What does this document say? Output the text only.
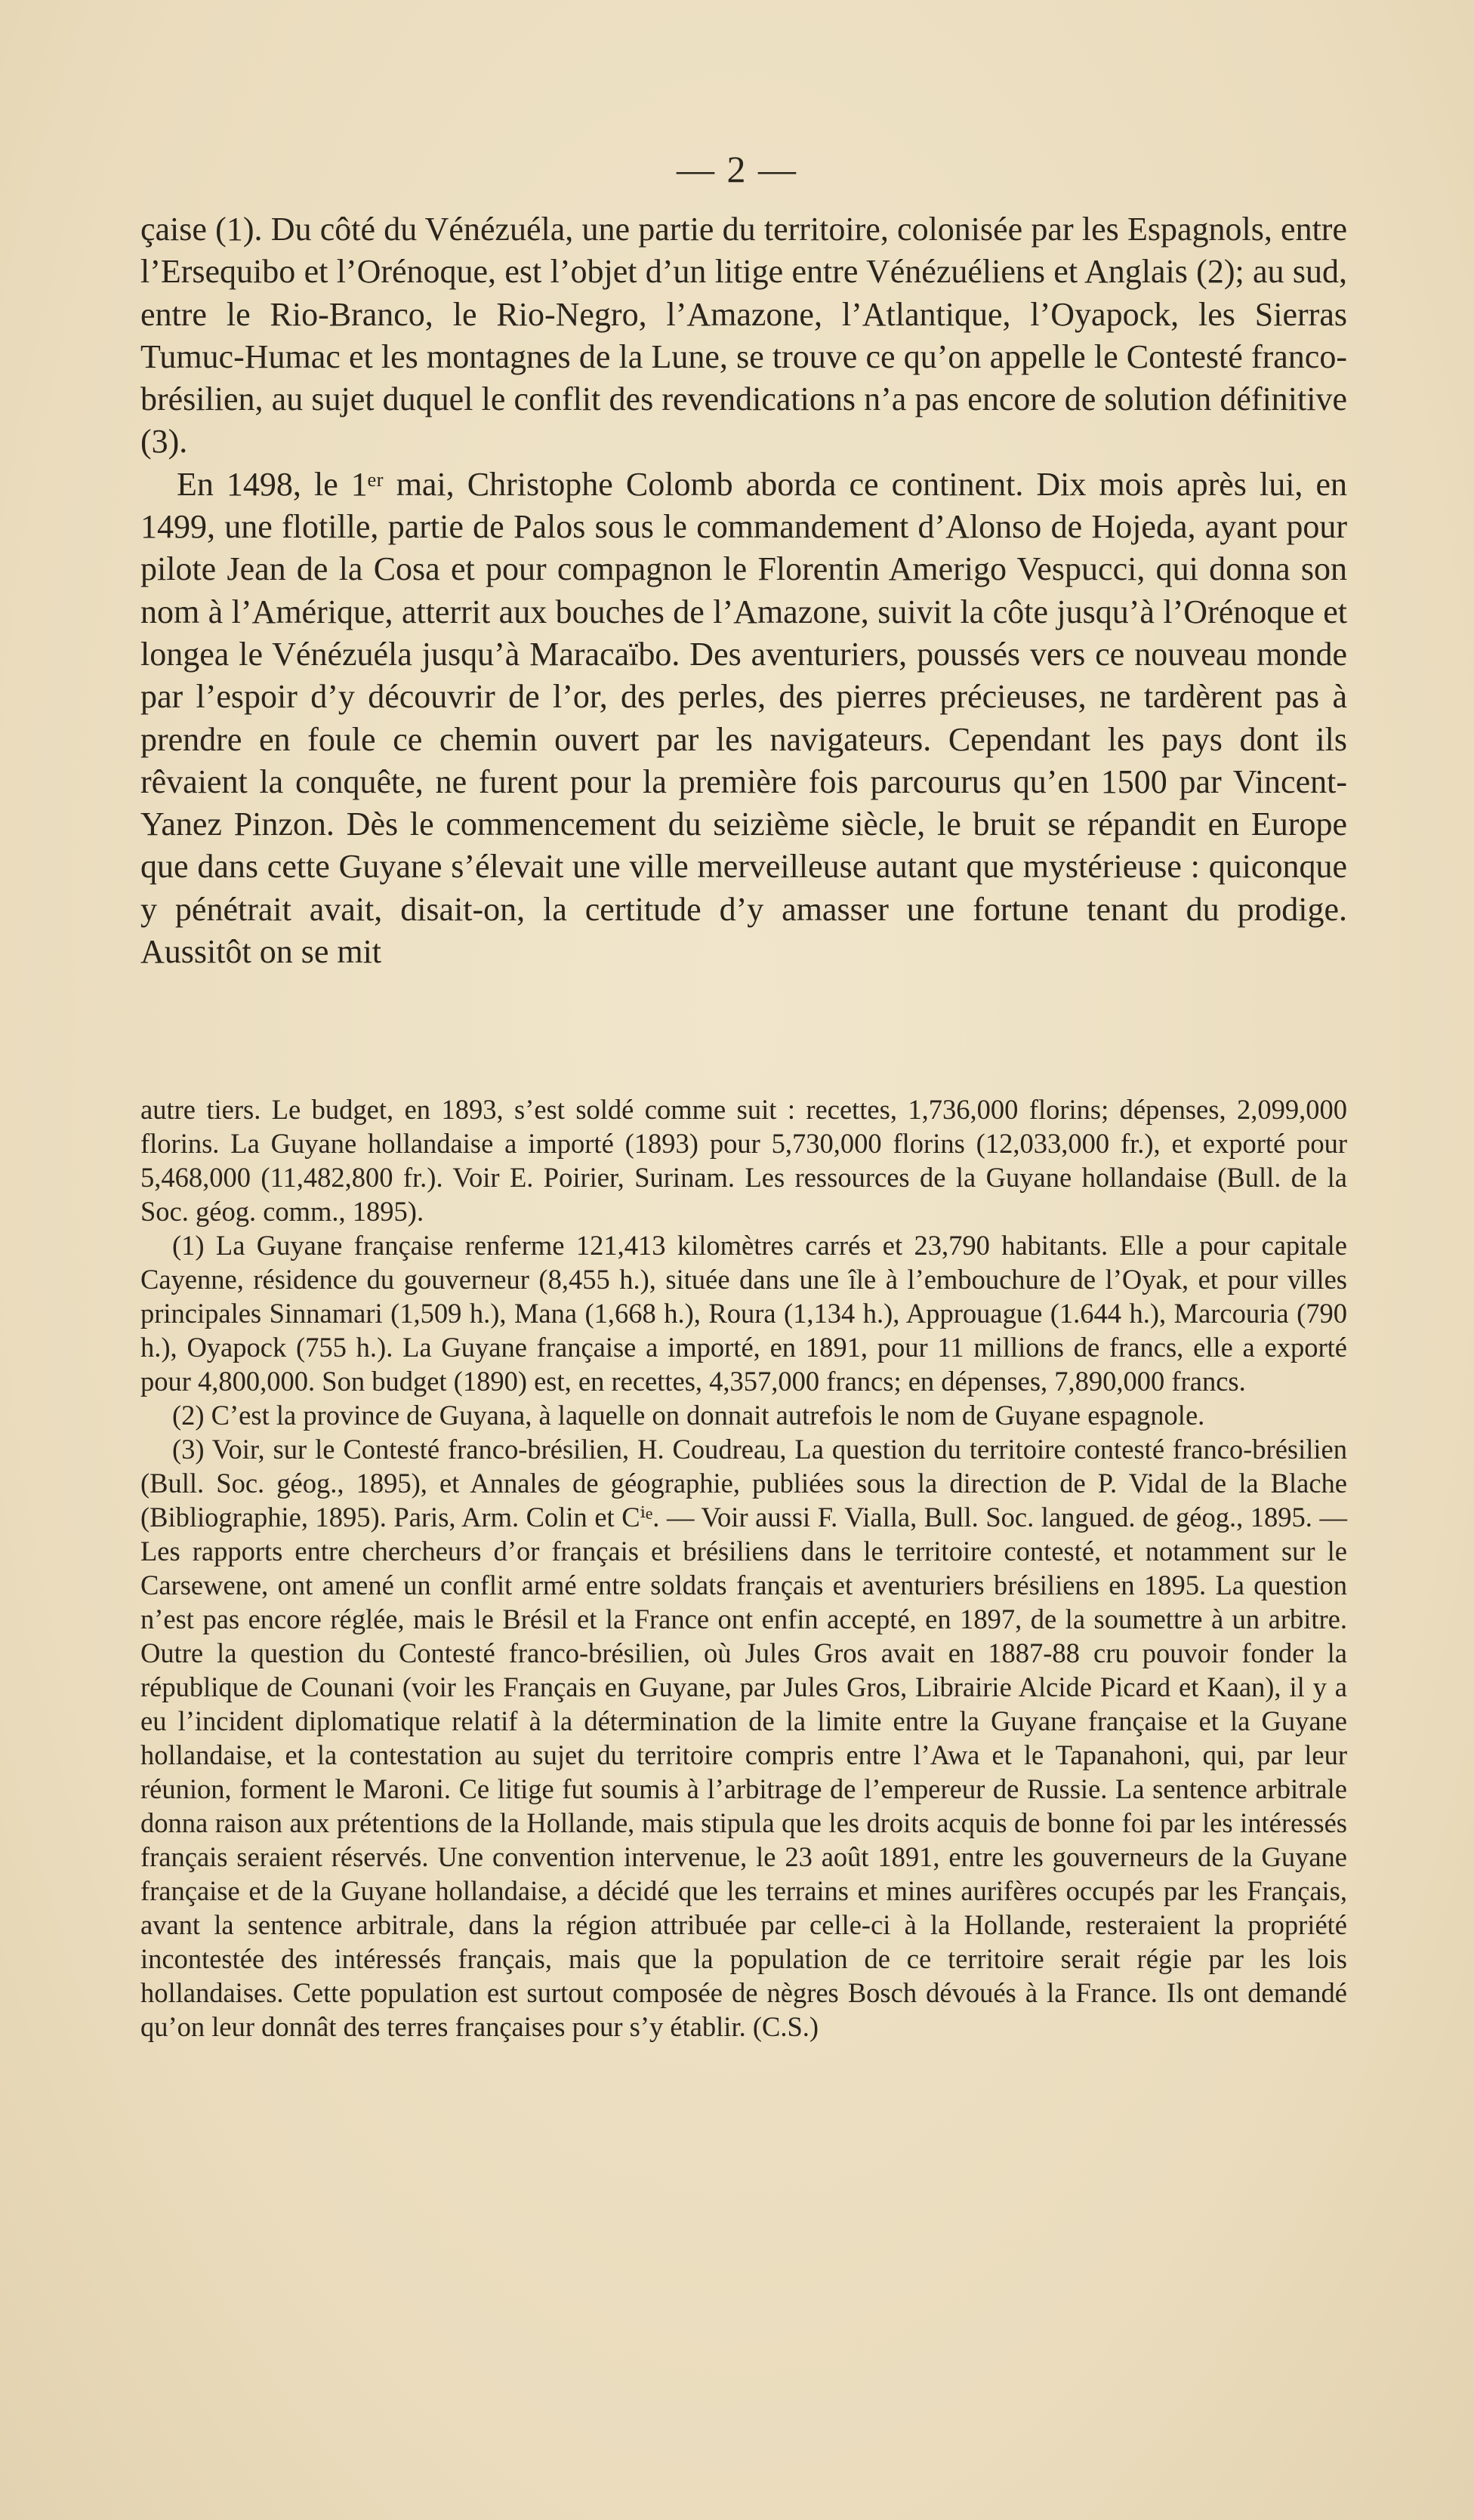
— 2 —

çaise (1). Du côté du Vénézuéla, une partie du territoire, colonisée par les Espagnols, entre l’Ersequibo et l’Orénoque, est l’objet d’un litige entre Vénézuéliens et Anglais (2); au sud, entre le Rio-Branco, le Rio-Negro, l’Amazone, l’Atlantique, l’Oyapock, les Sierras Tumuc-Humac et les montagnes de la Lune, se trouve ce qu’on appelle le Contesté franco-brésilien, au sujet duquel le conflit des revendications n’a pas encore de solution définitive (3).

En 1498, le 1ᵉʳ mai, Christophe Colomb aborda ce continent. Dix mois après lui, en 1499, une flotille, partie de Palos sous le commandement d’Alonso de Hojeda, ayant pour pilote Jean de la Cosa et pour compagnon le Florentin Amerigo Vespucci, qui donna son nom à l’Amérique, atterrit aux bouches de l’Amazone, suivit la côte jusqu’à l’Orénoque et longea le Vénézuéla jusqu’à Maracaïbo. Des aventuriers, poussés vers ce nouveau monde par l’espoir d’y découvrir de l’or, des perles, des pierres précieuses, ne tardèrent pas à prendre en foule ce chemin ouvert par les navigateurs. Cependant les pays dont ils rêvaient la conquête, ne furent pour la première fois parcourus qu’en 1500 par Vincent-Yanez Pinzon. Dès le commencement du seizième siècle, le bruit se répandit en Europe que dans cette Guyane s’élevait une ville merveilleuse autant que mystérieuse : quiconque y pénétrait avait, disait-on, la certitude d’y amasser une fortune tenant du prodige. Aussitôt on se mit

autre tiers. Le budget, en 1893, s’est soldé comme suit : recettes, 1,736,000 florins; dépenses, 2,099,000 florins. La Guyane hollandaise a importé (1893) pour 5,730,000 florins (12,033,000 fr.), et exporté pour 5,468,000 (11,482,800 fr.). Voir E. Poirier, Surinam. Les ressources de la Guyane hollandaise (Bull. de la Soc. géog. comm., 1895).

(1) La Guyane française renferme 121,413 kilomètres carrés et 23,790 habitants. Elle a pour capitale Cayenne, résidence du gouverneur (8,455 h.), située dans une île à l’embouchure de l’Oyak, et pour villes principales Sinnamari (1,509 h.), Mana (1,668 h.), Roura (1,134 h.), Approuague (1.644 h.), Marcouria (790 h.), Oyapock (755 h.). La Guyane française a importé, en 1891, pour 11 millions de francs, elle a exporté pour 4,800,000. Son budget (1890) est, en recettes, 4,357,000 francs; en dépenses, 7,890,000 francs.

(2) C’est la province de Guyana, à laquelle on donnait autrefois le nom de Guyane espagnole.

(3) Voir, sur le Contesté franco-brésilien, H. Coudreau, La question du territoire contesté franco-brésilien (Bull. Soc. géog., 1895), et Annales de géographie, publiées sous la direction de P. Vidal de la Blache (Bibliographie, 1895). Paris, Arm. Colin et Cⁱᵉ. — Voir aussi F. Vialla, Bull. Soc. langued. de géog., 1895. — Les rapports entre chercheurs d’or français et brésiliens dans le territoire contesté, et notamment sur le Carsewene, ont amené un conflit armé entre soldats français et aventuriers brésiliens en 1895. La question n’est pas encore réglée, mais le Brésil et la France ont enfin accepté, en 1897, de la soumettre à un arbitre. Outre la question du Contesté franco-brésilien, où Jules Gros avait en 1887-88 cru pouvoir fonder la république de Counani (voir les Français en Guyane, par Jules Gros, Librairie Alcide Picard et Kaan), il y a eu l’incident diplomatique relatif à la détermination de la limite entre la Guyane française et la Guyane hollandaise, et la contestation au sujet du territoire compris entre l’Awa et le Tapanahoni, qui, par leur réunion, forment le Maroni. Ce litige fut soumis à l’arbitrage de l’empereur de Russie. La sentence arbitrale donna raison aux prétentions de la Hollande, mais stipula que les droits acquis de bonne foi par les intéressés français seraient réservés. Une convention intervenue, le 23 août 1891, entre les gouverneurs de la Guyane française et de la Guyane hollandaise, a décidé que les terrains et mines aurifères occupés par les Français, avant la sentence arbitrale, dans la région attribuée par celle-ci à la Hollande, resteraient la propriété incontestée des intéressés français, mais que la population de ce territoire serait régie par les lois hollandaises. Cette population est surtout composée de nègres Bosch dévoués à la France. Ils ont demandé qu’on leur donnât des terres françaises pour s’y établir. (C.S.)
